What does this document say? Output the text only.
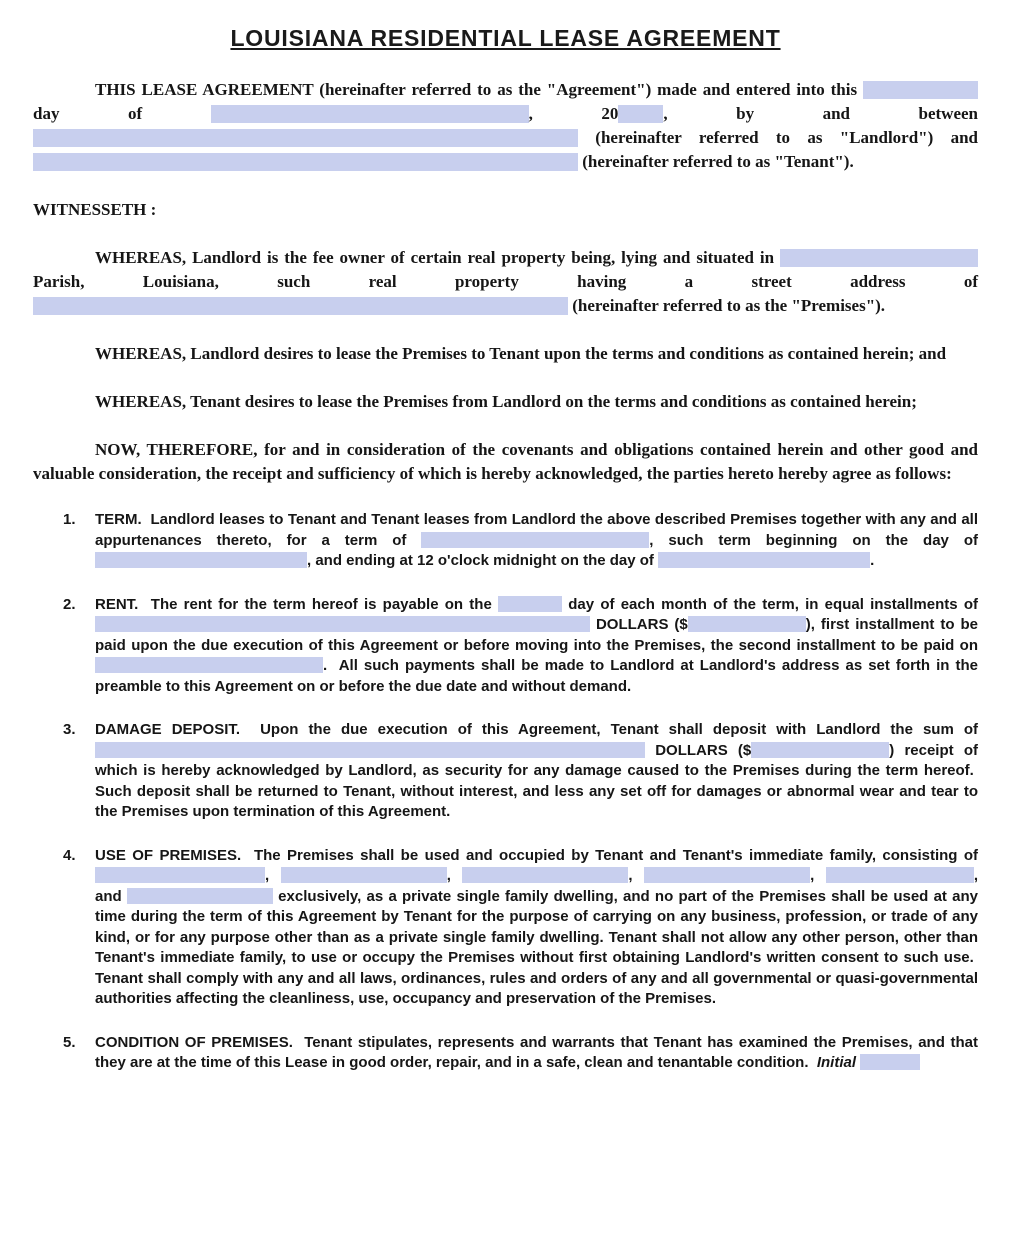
LOUISIANA RESIDENTIAL LEASE AGREEMENT

THIS LEASE AGREEMENT (hereinafter referred to as the "Agreement") made and entered into this  day of	, 20	, by and between  (hereinafter referred to as "Landlord") and  (hereinafter referred to as "Tenant").

WITNESSETH :

WHEREAS, Landlord is the fee owner of certain real property being, lying and situated in  Parish, Louisiana, such real property having a street address of  (hereinafter referred to as the "Premises").

WHEREAS, Landlord desires to lease the Premises to Tenant upon the terms and conditions as contained herein; and

WHEREAS, Tenant desires to lease the Premises from Landlord on the terms and conditions as contained herein;

NOW, THEREFORE, for and in consideration of the covenants and obligations contained herein and other good and valuable consideration, the receipt and sufficiency of which is hereby acknowledged, the parties hereto hereby agree as follows:

1. TERM.  Landlord leases to Tenant and Tenant leases from Landlord the above described Premises together with any and all appurtenances thereto, for a term of	, such term beginning on the day of , and ending at 12 o'clock midnight on the day of	.
2. RENT.  The rent for the term hereof is payable on the	day of each month of the term, in equal installments of  DOLLARS ($	), first installment to be paid upon the due execution of this Agreement or before moving into the Premises, the second installment to be paid on .  All such payments shall be made to Landlord at Landlord's address as set forth in the preamble to this Agreement on or before the due date and without demand.
3. DAMAGE DEPOSIT.  Upon the due execution of this Agreement, Tenant shall deposit with Landlord the sum of  DOLLARS ($	) receipt of which is hereby acknowledged by Landlord, as security for any damage caused to the Premises during the term hereof.  Such deposit shall be returned to Tenant, without interest, and less any set off for damages or abnormal wear and tear to the Premises upon termination of this Agreement.
4. USE OF PREMISES.  The Premises shall be used and occupied by Tenant and Tenant's immediate family, consisting of ,	,	,	,	, and	exclusively, as a private single family dwelling, and no part of the Premises shall be used at any time during the term of this Agreement by Tenant for the purpose of carrying on any business, profession, or trade of any kind, or for any purpose other than as a private single family dwelling. Tenant shall not allow any other person, other than Tenant's immediate family, to use or occupy the Premises without first obtaining Landlord's written consent to such use.  Tenant shall comply with any and all laws, ordinances, rules and orders of any and all governmental or quasi-governmental authorities affecting the cleanliness, use, occupancy and preservation of the Premises.
5. CONDITION OF PREMISES.  Tenant stipulates, represents and warrants that Tenant has examined the Premises, and that they are at the time of this Lease in good order, repair, and in a safe, clean and tenantable condition.  Initial
